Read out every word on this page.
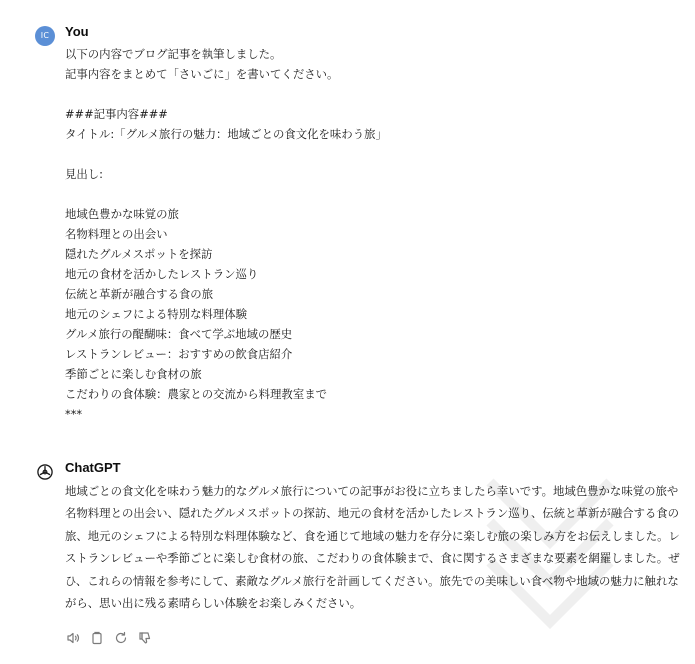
IC	You
以下の内容でブログ記事を執筆しました。
記事内容をまとめて「さいごに」を書いてください。
###記事内容###
タイトル:「グルメ旅行の魅力：地域ごとの食文化を味わう旅」
見出し:
地域色豊かな味覚の旅
名物料理との出会い
隠れたグルメスポットを探訪
地元の食材を活かしたレストラン巡り
伝統と革新が融合する食の旅
地元のシェフによる特別な料理体験
グルメ旅行の醍醐味：食べて学ぶ地域の歴史
レストランレビュー：おすすめの飲食店紹介
季節ごとに楽しむ食材の旅
こだわりの食体験：農家との交流から料理教室まで
***
ChatGPT
地域ごとの食文化を味わう魅力的なグルメ旅行についての記事がお役に立ちましたら幸いです。地域色豊かな味覚の旅や名物料理との出会い、隠れたグルメスポットの探訪、地元の食材を活かしたレストラン巡り、伝統と革新が融合する食の旅、地元のシェフによる特別な料理体験など、食を通じて地域の魅力を存分に楽しむ旅の楽しみ方をお伝えしました。レストランレビューや季節ごとに楽しむ食材の旅、こだわりの食体験まで、食に関するさまざまな要素を網羅しました。ぜひ、これらの情報を参考にして、素敵なグルメ旅行を計画してください。旅先での美味しい食べ物や地域の魅力に触れながら、思い出に残る素晴らしい体験をお楽しみください。
